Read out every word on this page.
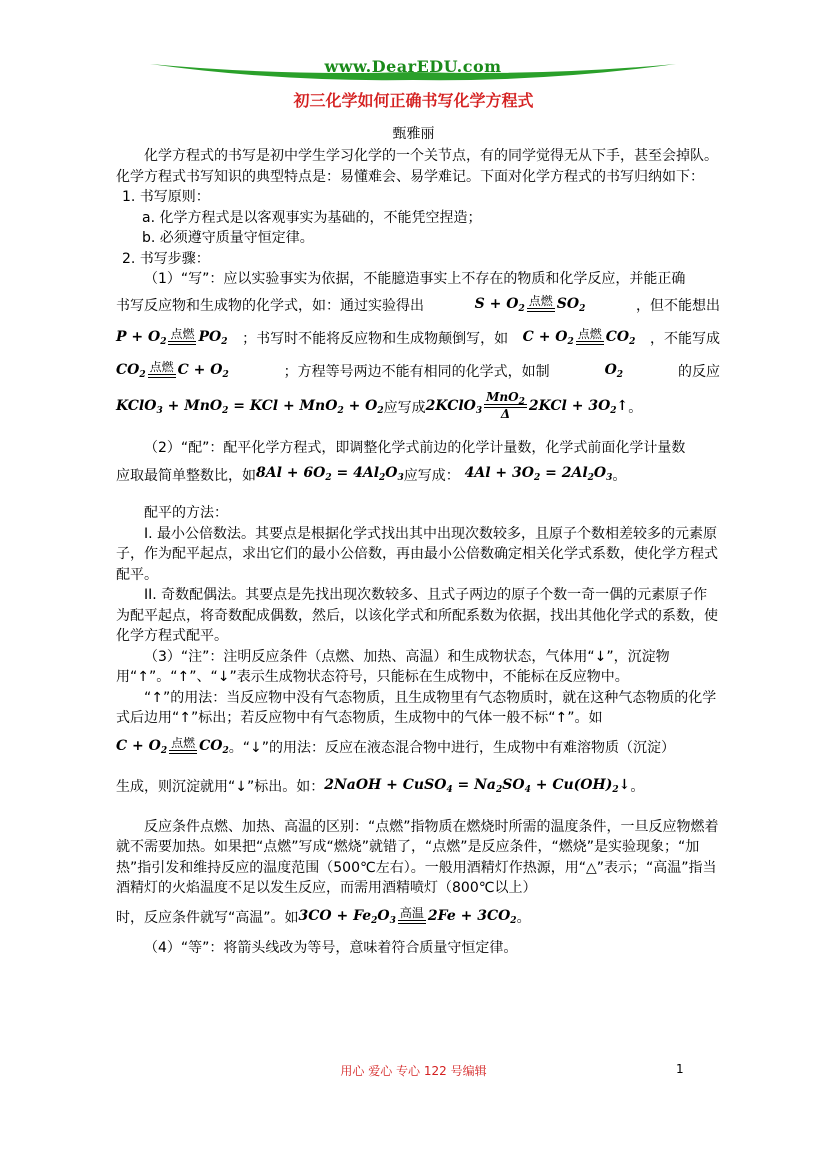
www.DearEDU.com
初三化学如何正确书写化学方程式
甄雅丽

化学方程式的书写是初中学生学习化学的一个关节点，有的同学觉得无从下手，甚至会掉队。化学方程式书写知识的典型特点是：易懂难会、易学难记。下面对化学方程式的书写归纳如下：

1. 书写原则：

a. 化学方程式是以客观事实为基础的，不能凭空捏造；

b. 必须遵守质量守恒定律。

2. 书写步骤：

（1）“写”：应以实验事实为依据，不能臆造事实上不存在的物质和化学反应，并能正确

书写反应物和生成物的化学式，如：通过实验得出	$S + O_2$
点燃 $SO_2$	，但不能想出

$P + O_2$
点燃 $PO_2$ ；书写时不能将反应物和生成物颠倒写，如 $C + O_2$
点燃 $CO_2$ ，不能写成

$CO_2$
点燃 $C + O_2$	；方程等号两边不能有相同的化学式，如制	$O_2$	的反应

KClO$_3$ + MnO$_2$ = KCl + $MnO_2 + O_2$ 应写成 2KClO$_3$
MnO$_2$
Δ	$2KCl + 3O_2↑$ 。

（2）“配”：配平化学方程式，即调整化学式前边的化学计量数，化学式前面化学计量数

应取最简单整数比，如 $8Al + 6O_2 = 4Al_2O_3$ 应写成： $4Al + 3O_2 = 2Al_2O_3$ 。

配平的方法：

I. 最小公倍数法。其要点是根据化学式找出其中出现次数较多，且原子个数相差较多的元素原子，作为配平起点，求出它们的最小公倍数，再由最小公倍数确定相关化学式系数，使化学方程式配平。

II. 奇数配偶法。其要点是先找出现次数较多、且式子两边的原子个数一奇一偶的元素原子作为配平起点，将奇数配成偶数，然后，以该化学式和所配系数为依据，找出其他化学式的系数，使化学方程式配平。

（3）“注”：注明反应条件（点燃、加热、高温）和生成物状态，气体用“↓”，沉淀物用“↑”。“↑”、“↓”表示生成物状态符号，只能标在生成物中，不能标在反应物中。

“↑”的用法：当反应物中没有气态物质，且生成物里有气态物质时，就在这种气态物质的化学式后边用“↑”标出；若反应物中有气态物质，生成物中的气体一般不标“↑”。如

$C + O_2$
点燃 $CO_2$ 。“↓”的用法：反应在液态混合物中进行，生成物中有难溶物质（沉淀）

生成，则沉淀就用“↓”标出。如： 2NaOH + CuSO$_4$ = $Na_2SO_4$ + $Cu(OH)_2↓$ 。

反应条件点燃、加热、高温的区别：“点燃”指物质在燃烧时所需的温度条件，一旦反应物燃着就不需要加热。如果把“点燃”写成“燃烧”就错了，“点燃”是反应条件，“燃烧”是实验现象；“加热”指引发和维持反应的温度范围（500℃左右）。一般用酒精灯作热源，用“△”表示；“高温”指当酒精灯的火焰温度不足以发生反应，而需用酒精喷灯（800℃以上）

时，反应条件就写“高温”。如 $3CO + Fe_2O_3$
高温 $2Fe + 3CO_2$ 。

（4）“等”：将箭头线改为等号，意味着符合质量守恒定律。

用心 爱心 专心 122 号编辑	1
